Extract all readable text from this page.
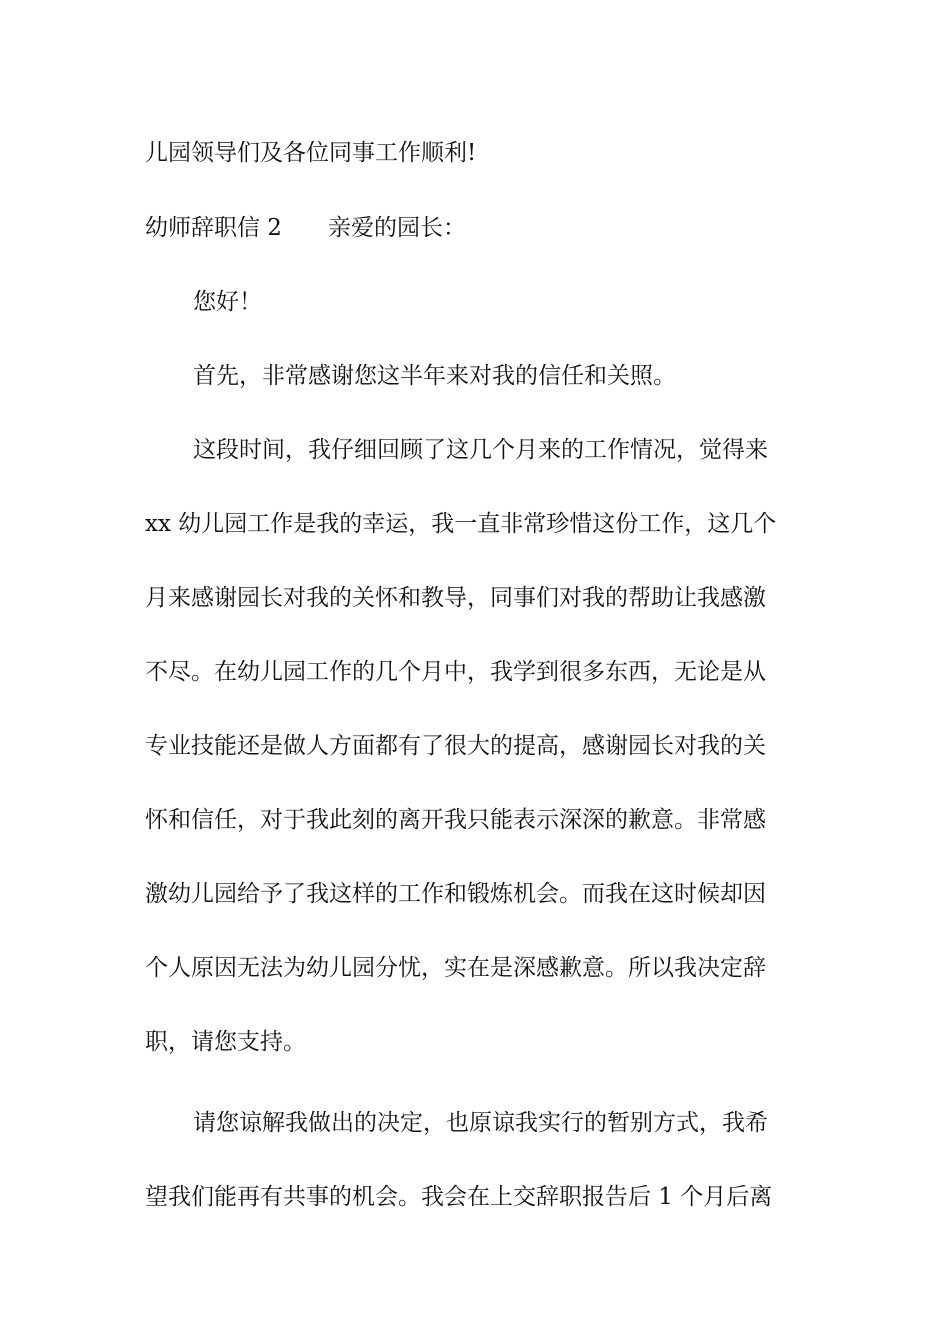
儿园领导们及各位同事工作顺利!
幼师辞职信 2 亲爱的园长：
您好！
首先，非常感谢您这半年来对我的信任和关照。
这段时间，我仔细回顾了这几个月来的工作情况，觉得来
xx 幼儿园工作是我的幸运，我一直非常珍惜这份工作，这几个
月来感谢园长对我的关怀和教导，同事们对我的帮助让我感激
不尽。在幼儿园工作的几个月中，我学到很多东西，无论是从
专业技能还是做人方面都有了很大的提高，感谢园长对我的关
怀和信任，对于我此刻的离开我只能表示深深的歉意。非常感
激幼儿园给予了我这样的工作和锻炼机会。而我在这时候却因
个人原因无法为幼儿园分忧，实在是深感歉意。所以我决定辞
职，请您支持。
请您谅解我做出的决定，也原谅我实行的暂别方式，我希
望我们能再有共事的机会。我会在上交辞职报告后 1 个月后离
